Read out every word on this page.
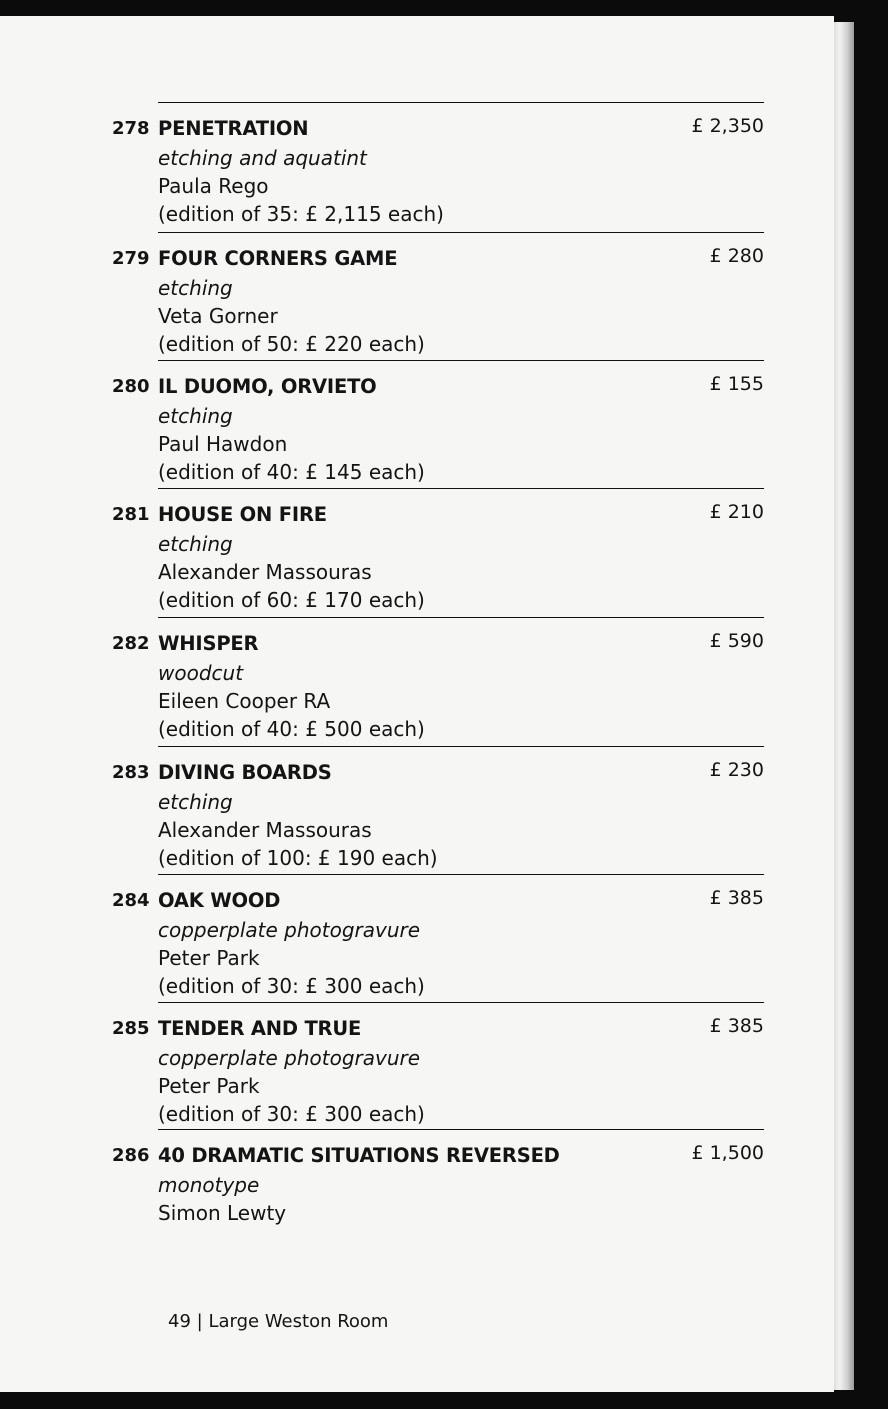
278 PENETRATION
etching and aquatint
Paula Rego
(edition of 35: £ 2,115 each)
£ 2,350
279 FOUR CORNERS GAME
etching
Veta Gorner
(edition of 50: £ 220 each)
£ 280
280 IL DUOMO, ORVIETO
etching
Paul Hawdon
(edition of 40: £ 145 each)
£ 155
281 HOUSE ON FIRE
etching
Alexander Massouras
(edition of 60: £ 170 each)
£ 210
282 WHISPER
woodcut
Eileen Cooper RA
(edition of 40: £ 500 each)
£ 590
283 DIVING BOARDS
etching
Alexander Massouras
(edition of 100: £ 190 each)
£ 230
284 OAK WOOD
copperplate photogravure
Peter Park
(edition of 30: £ 300 each)
£ 385
285 TENDER AND TRUE
copperplate photogravure
Peter Park
(edition of 30: £ 300 each)
£ 385
286 40 DRAMATIC SITUATIONS REVERSED
monotype
Simon Lewty
£ 1,500
49 | Large Weston Room
